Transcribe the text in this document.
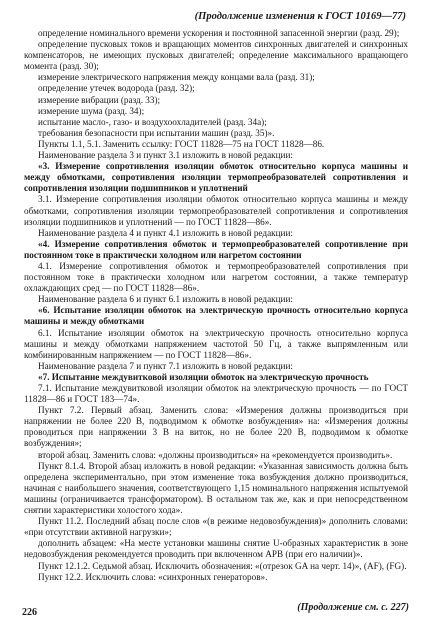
(Продолжение изменения к ГОСТ 10169—77)

определение номинального времени ускорения и постоянной запасенной энергии (разд. 29);

определение пусковых токов и вращающих моментов синхронных двигателей и синхронных компенсаторов, не имеющих пусковых двигателей; определение максимального вращающего момента (разд. 30);

измерение электрического напряжения между концами вала (разд. 31);

определение утечек водорода (разд. 32);

измерение вибрации (разд. 33);

измерение шума (разд. 34);

испытание масло-, газо- и воздухоохладителей (разд. 34а);

требования безопасности при испытании машин (разд. 35)».

Пункты 1.1, 5.1. Заменить ссылку: ГОСТ 11828—75 на ГОСТ 11828—86.

Наименование раздела 3 и пункт 3.1 изложить в новой редакции:

«3. Измерение сопротивления изоляции обмоток относительно корпуса машины и между обмотками, сопротивления изоляции термопреобразователей сопротивления и сопротивления изоляции подшипников и уплотнений

3.1. Измерение сопротивления изоляции обмоток относительно корпуса машины и между обмотками, сопротивления изоляции термопреобразователей сопротивления и сопротивления изоляции подшипников и уплотнений — по ГОСТ 11828—86».

Наименование раздела 4 и пункт 4.1 изложить в новой редакции:

«4. Измерение сопротивления обмоток и термопреобразователей сопротивление при постоянном токе в практически холодном или нагретом состоянии

4.1. Измерение сопротивления обмоток и термопреобразователей сопротивления при постоянном токе в практически холодном или нагретом состоянии, а также температур охлаждающих сред — по ГОСТ 11828—86».

Наименование раздела 6 и пункт 6.1 изложить в новой редакции:

«6. Испытание изоляции обмоток на электрическую прочность относительно корпуса машины и между обмотками

6.1. Испытание изоляции обмоток на электрическую прочность относительно корпуса машины и между обмотками напряжением частотой 50 Гц, а также выпрямленным или комбинированным напряжением — по ГОСТ 11828—86».

Наименование раздела 7 и пункт 7.1 изложить в новой редакции:

«7. Испытание междувитковой изоляции обмоток на электрическую прочность

7.1. Испытание междувитковой изоляции обмоток на электрическую прочность — по ГОСТ 11828—86 и ГОСТ 183—74».

Пункт 7.2. Первый абзац. Заменить слова: «Измерения должны производиться при напряжении не более 220 В, подводимом к обмотке возбуждения» на: «Измерения должны проводиться при напряжении 3 В на виток, но не более 220 В, подводимом к обмотке возбуждения»;

второй абзац. Заменить слова: «должны производиться» на «рекомендуется производить».

Пункт 8.1.4. Второй абзац изложить в новой редакции: «Указанная зависимость должна быть определена экспериментально, при этом изменение тока возбуждения должно производиться, начиная с наибольшего значения, соответствующего 1,15 номинального напряжения испытуемой машины (ограничивается трансформатором). В остальном так же, как и при непосредственном снятии характеристики холостого хода».

Пункт 11.2. Последний абзац после слов «(в режиме недовозбуждения)» дополнить словами: «при отсутствии активной нагрузки»;

дополнить абзацем: «На месте установки машины снятие U-образных характеристик в зоне недовозбуждения рекомендуется проводить при включенном АРВ (при его наличии)».

Пункт 12.1.2. Седьмой абзац. Исключить обозначения: «(отрезок GA на черт. 14)», (AF), (FG).

Пункт 12.2. Исключить слова: «синхронных генераторов».

226	(Продолжение см. с. 227)
